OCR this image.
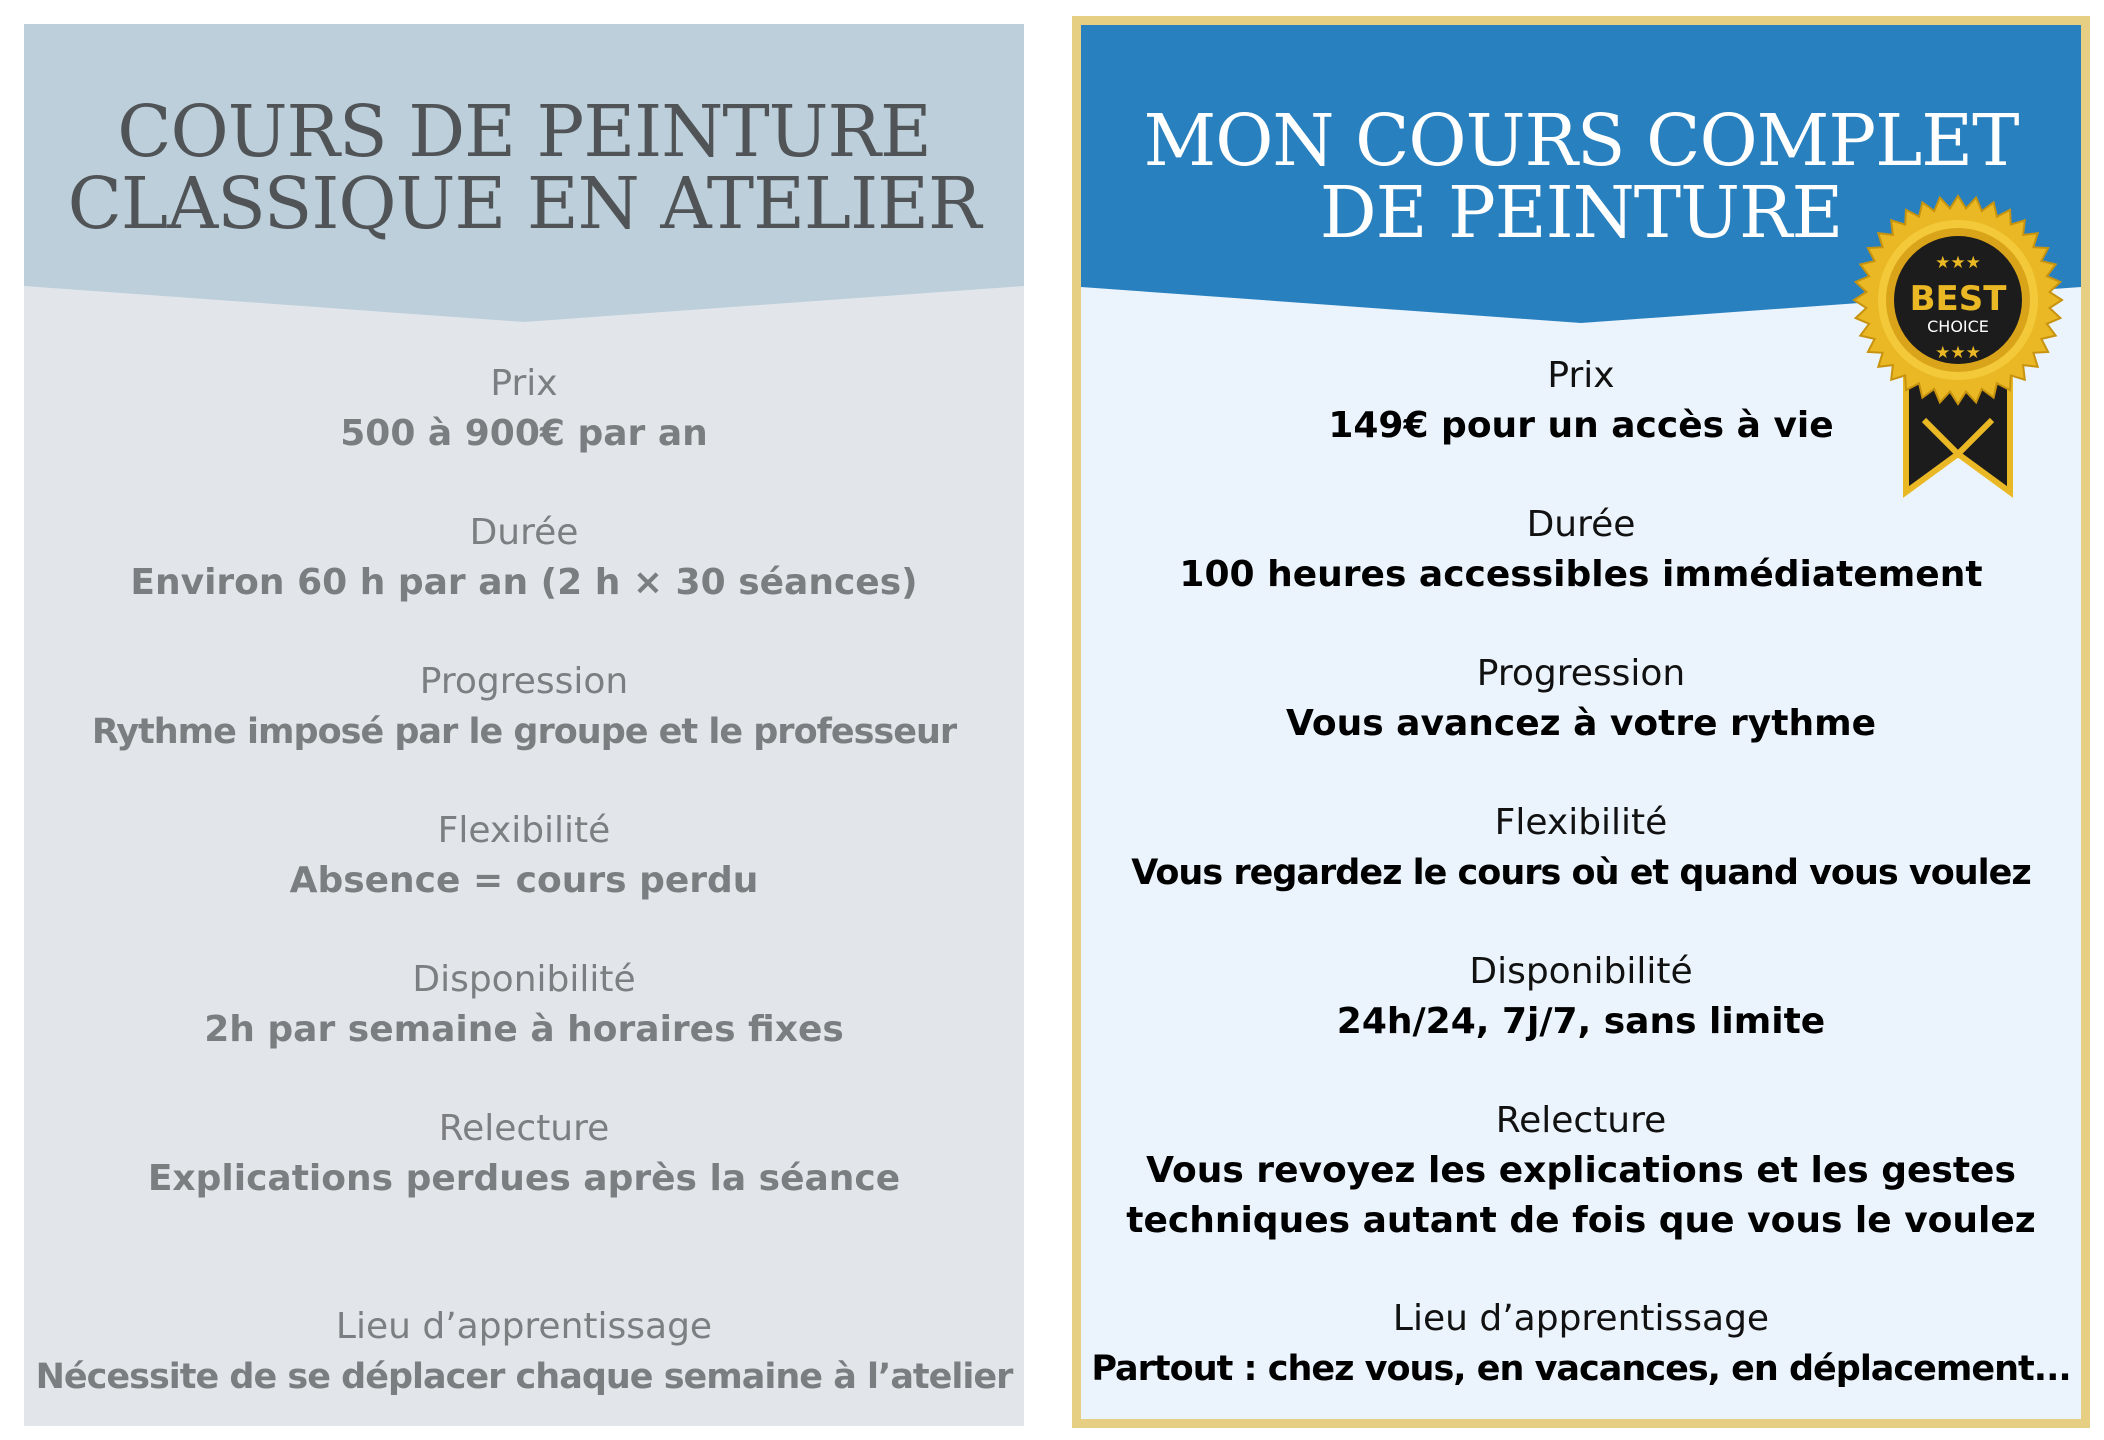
COURS DE PEINTURE
CLASSIQUE EN ATELIER
Prix
500 à 900€ par an
Durée
Environ 60 h par an (2 h × 30 séances)
Progression
Rythme imposé par le groupe et le professeur
Flexibilité
Absence = cours perdu
Disponibilité
2h par semaine à horaires fixes
Relecture
Explications perdues après la séance
Lieu d’apprentissage
Nécessite de se déplacer chaque semaine à l’atelier
MON COURS COMPLET
DE PEINTURE
Prix
149€ pour un accès à vie
Durée
100 heures accessibles immédiatement
Progression
Vous avancez à votre rythme
Flexibilité
Vous regardez le cours où et quand vous voulez
Disponibilité
24h/24, 7j/7, sans limite
Relecture
Vous revoyez les explications et les gestes
techniques autant de fois que vous le voulez
Lieu d’apprentissage
Partout : chez vous, en vacances, en déplacement...
★★★
BEST
CHOICE
★★★
